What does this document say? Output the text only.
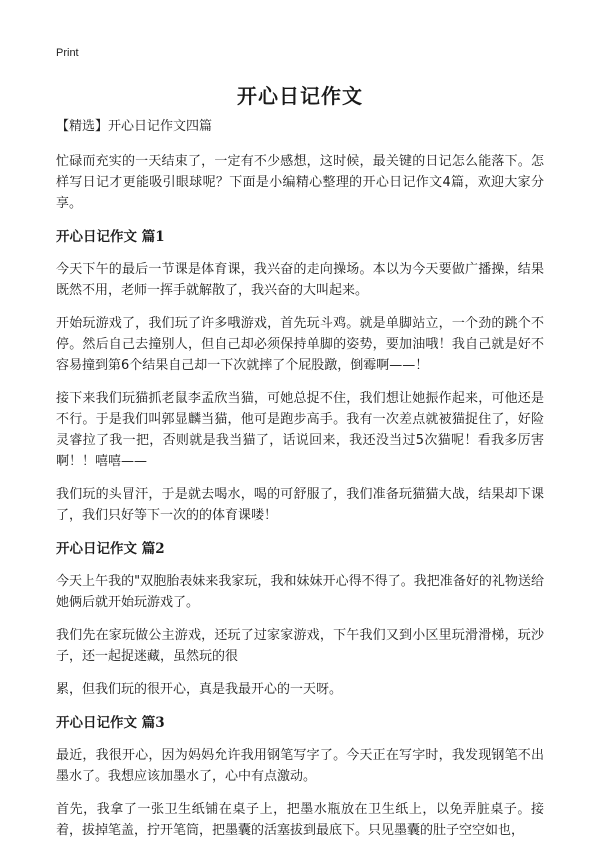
Print
开心日记作文

【精选】开心日记作文四篇

忙碌而充实的一天结束了，一定有不少感想，这时候，最关键的日记怎么能落下。怎样写日记才更能吸引眼球呢？下面是小编精心整理的开心日记作文4篇，欢迎大家分享。

开心日记作文 篇1

今天下午的最后一节课是体育课，我兴奋的走向操场。本以为今天要做广播操，结果既然不用，老师一挥手就解散了，我兴奋的大叫起来。

开始玩游戏了，我们玩了许多哦游戏，首先玩斗鸡。就是单脚站立，一个劲的跳个不停。然后自己去撞别人，但自己却必须保持单脚的姿势，要加油哦！我自己就是好不容易撞到第6个结果自己却一下次就摔了个屁股蹾，倒霉啊——！

接下来我们玩猫抓老鼠李孟欣当猫，可她总捉不住，我们想让她振作起来，可他还是不行。于是我们叫郭显麟当猫，他可是跑步高手。我有一次差点就被猫捉住了，好险灵睿拉了我一把，否则就是我当猫了，话说回来，我还没当过5次猫呢！看我多厉害啊！！嘻嘻——

我们玩的头冒汗，于是就去喝水，喝的可舒服了，我们准备玩猫猫大战，结果却下课了，我们只好等下一次的的体育课喽！

开心日记作文 篇2

今天上午我的"双胞胎表妹来我家玩，我和妹妹开心得不得了。我把准备好的礼物送给她俩后就开始玩游戏了。

我们先在家玩做公主游戏，还玩了过家家游戏，下午我们又到小区里玩滑滑梯，玩沙子，还一起捉迷藏，虽然玩的很

累，但我们玩的很开心，真是我最开心的一天呀。

开心日记作文 篇3

最近，我很开心，因为妈妈允许我用钢笔写字了。今天正在写字时，我发现钢笔不出墨水了。我想应该加墨水了，心中有点激动。

首先，我拿了一张卫生纸铺在桌子上，把墨水瓶放在卫生纸上，以免弄脏桌子。接着，拔掉笔盖，拧开笔筒，把墨囊的活塞拔到最底下。只见墨囊的肚子空空如也，
